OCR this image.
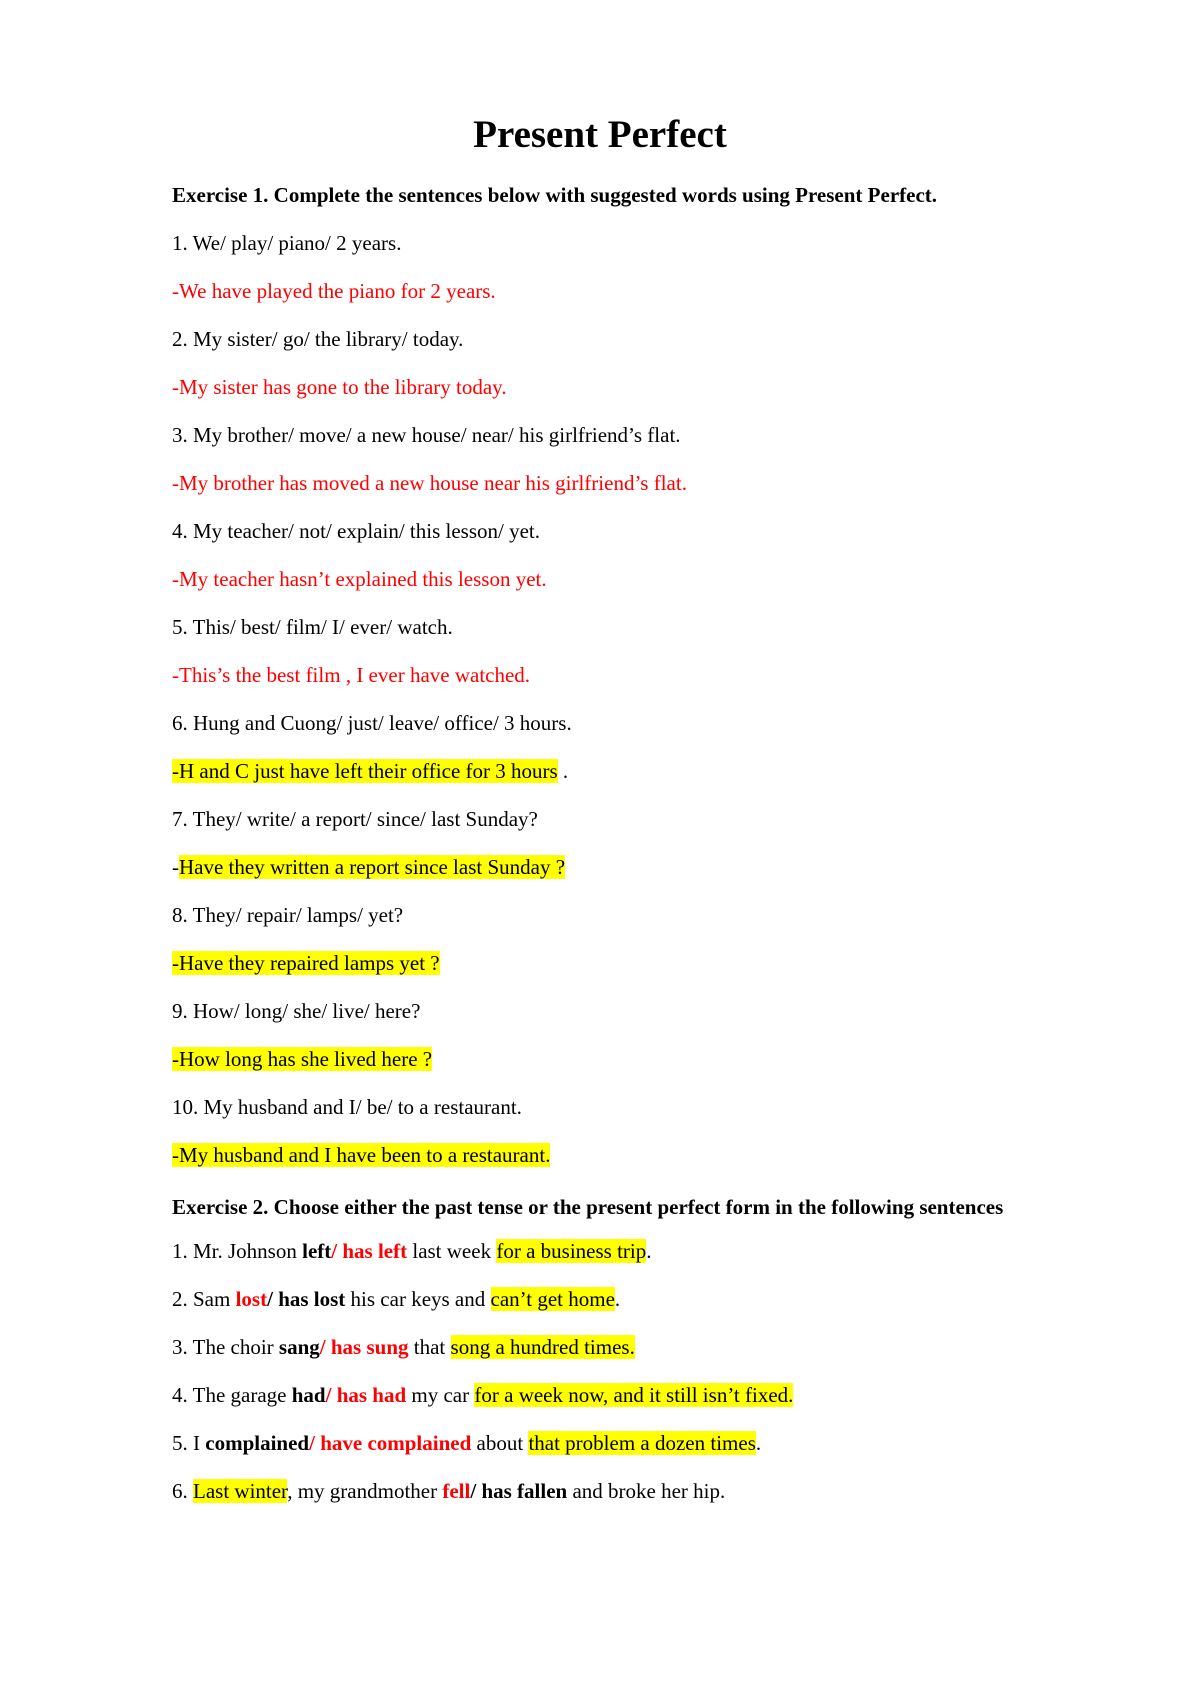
Present Perfect
Exercise 1. Complete the sentences below with suggested words using Present Perfect.
1. We/ play/ piano/ 2 years.
-We have played the piano for 2 years.
2. My sister/ go/ the library/ today.
-My sister has gone to the library today.
3. My brother/ move/ a new house/ near/ his girlfriend’s flat.
-My brother has moved a new house near his girlfriend’s flat.
4. My teacher/ not/ explain/ this lesson/ yet.
-My teacher hasn’t explained this lesson yet.
5. This/ best/ film/ I/ ever/ watch.
-This’s the best film , I ever have watched.
6. Hung and Cuong/ just/ leave/ office/ 3 hours.
-H and C just have left their office for 3 hours .
7. They/ write/ a report/ since/ last Sunday?
-Have they written a report since last Sunday ?
8. They/ repair/ lamps/ yet?
-Have they repaired lamps yet ?
9. How/ long/ she/ live/ here?
-How long has she lived here ?
10. My husband and I/ be/ to a restaurant.
-My husband and I have been to a restaurant.
Exercise 2. Choose either the past tense or the present perfect form in the following sentences
1. Mr. Johnson left/ has left last week for a business trip.
2. Sam lost/ has lost his car keys and can’t get home.
3. The choir sang/ has sung that song a hundred times.
4. The garage had/ has had my car for a week now, and it still isn’t fixed.
5. I complained/ have complained about that problem a dozen times.
6. Last winter, my grandmother fell/ has fallen and broke her hip.
